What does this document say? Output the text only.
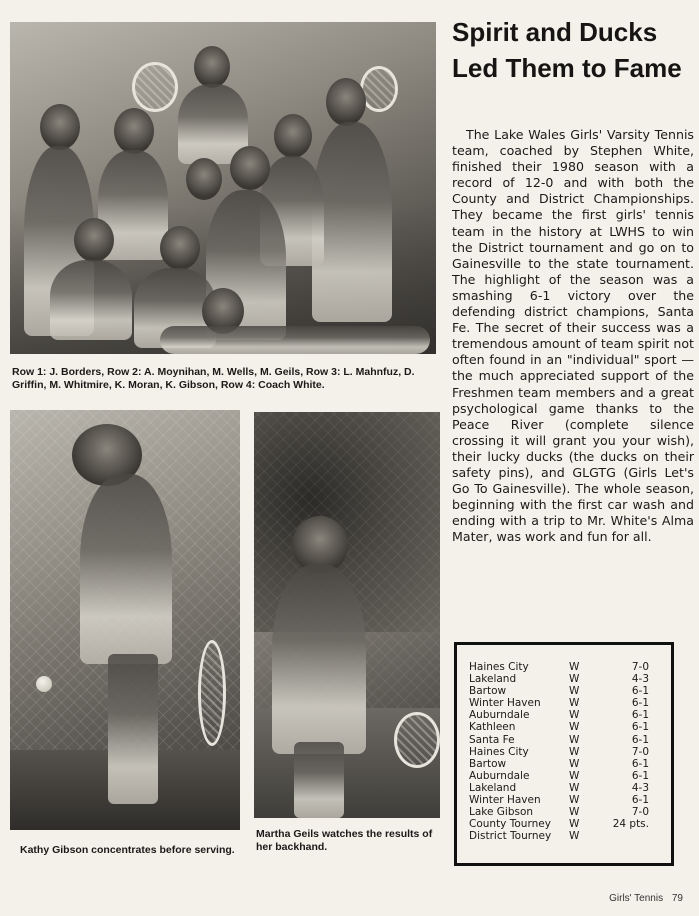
Row 1: J. Borders, Row 2: A. Moynihan, M. Wells, M. Geils, Row 3: L. Mahnfuz, D. Griffin, M. Whitmire, K. Moran, K. Gibson, Row 4: Coach White.
Kathy Gibson concentrates before serving.
Martha Geils watches the results of her backhand.
Spirit and Ducks Led Them to Fame
The Lake Wales Girls' Varsity Tennis team, coached by Stephen White, finished their 1980 season with a record of 12-0 and with both the County and District Championships. They became the first girls' tennis team in the history at LWHS to win the District tournament and go on to Gainesville to the state tournament. The highlight of the season was a smashing 6-1 victory over the defending district champions, Santa Fe. The secret of their success was a tremendous amount of team spirit not often found in an "individual" sport — the much appreciated support of the Freshmen team members and a great psychological game thanks to the Peace River (complete silence crossing it will grant you your wish), their lucky ducks (the ducks on their safety pins), and GLGTG (Girls Let's Go To Gainesville). The whole season, beginning with the first car wash and ending with a trip to Mr. White's Alma Mater, was work and fun for all.
Haines City	W	7-0
Lakeland	W	4-3
Bartow	W	6-1
Winter Haven	W	6-1
Auburndale	W	6-1
Kathleen	W	6-1
Santa Fe	W	6-1
Haines City	W	7-0
Bartow	W	6-1
Auburndale	W	6-1
Lakeland	W	4-3
Winter Haven	W	6-1
Lake Gibson	W	7-0
County Tourney	W	24 pts.
District Tourney	W	
Girls' Tennis 79
